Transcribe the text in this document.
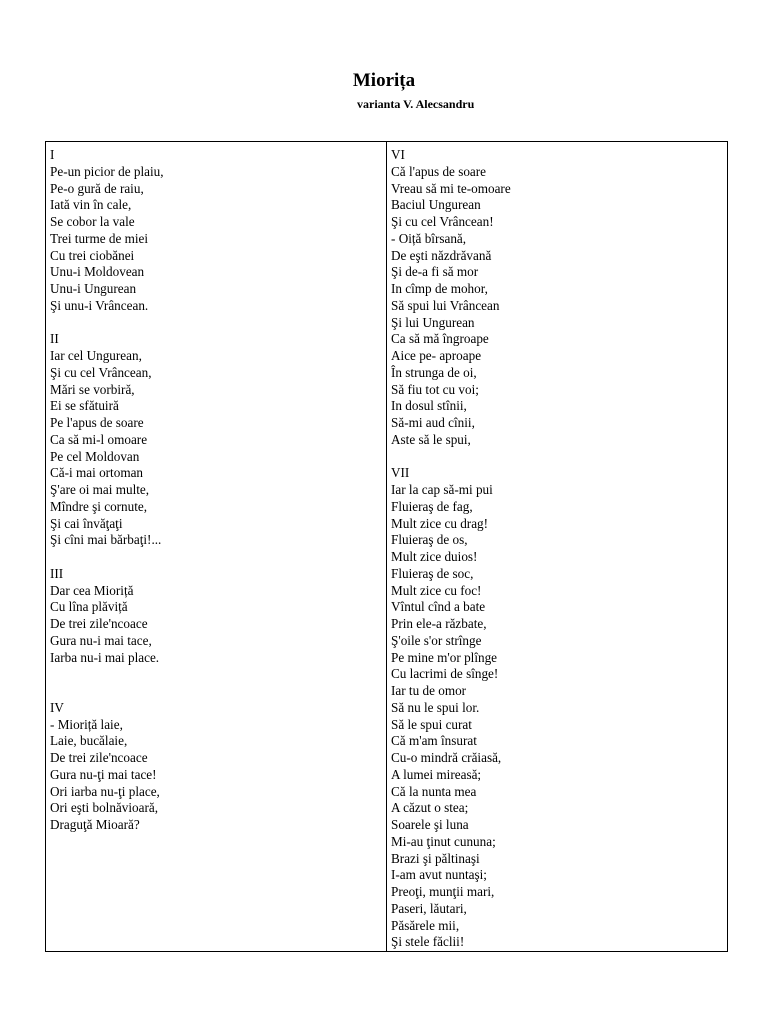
Miorița
varianta V. Alecsandru
I
Pe-un picior de plaiu,
Pe-o gură de raiu,
Iată vin în cale,
Se cobor la vale
Trei turme de miei
Cu trei ciobănei
Unu-i Moldovean
Unu-i Ungurean
Şi unu-i Vrâncean.
II
Iar cel Ungurean,
Şi cu cel Vrâncean,
Mări se vorbiră,
Ei se sfătuiră
Pe l'apus de soare
Ca să mi-l omoare
Pe cel Moldovan
Că-i mai ortoman
Ş'are oi mai multe,
Mîndre şi cornute,
Şi cai învăţaţi
Şi cîni mai bărbaţi!...
III
Dar cea Mioriță
Cu lîna plăviță
De trei zile'ncoace
Gura nu-i mai tace,
Iarba nu-i mai place.
IV
- Mioriță laie,
Laie, bucălaie,
De trei zile'ncoace
Gura nu-ţi mai tace!
Ori iarba nu-ţi place,
Ori eşti bolnăvioară,
Draguţă Mioară?
VI
Că l'apus de soare
Vreau să mi te-omoare
Baciul Ungurean
Şi cu cel Vrâncean!
- Oiță bîrsană,
De eşti năzdrăvană
Şi de-a fi să mor
In cîmp de mohor,
Să spui lui Vrâncean
Şi lui Ungurean
Ca să mă îngroape
Aice pe- aproape
În strunga de oi,
Să fiu tot cu voi;
In dosul stînii,
Să-mi aud cînii,
Aste să le spui,
VII
Iar la cap să-mi pui
Fluieraş de fag,
Mult zice cu drag!
Fluieraş de os,
Mult zice duios!
Fluieraş de soc,
Mult zice cu foc!
Vîntul cînd a bate
Prin ele-a răzbate,
Ş'oile s'or strînge
Pe mine m'or plînge
Cu lacrimi de sînge!
Iar tu de omor
Să nu le spui lor.
Să le spui curat
Că m'am însurat
Cu-o mindră crăiasă,
A lumei mireasă;
Că la nunta mea
A căzut o stea;
Soarele şi luna
Mi-au ţinut cununa;
Brazi şi păltinaşi
I-am avut nuntaşi;
Preoţi, munţii mari,
Paseri, lăutari,
Păsărele mii,
Şi stele făclii!
